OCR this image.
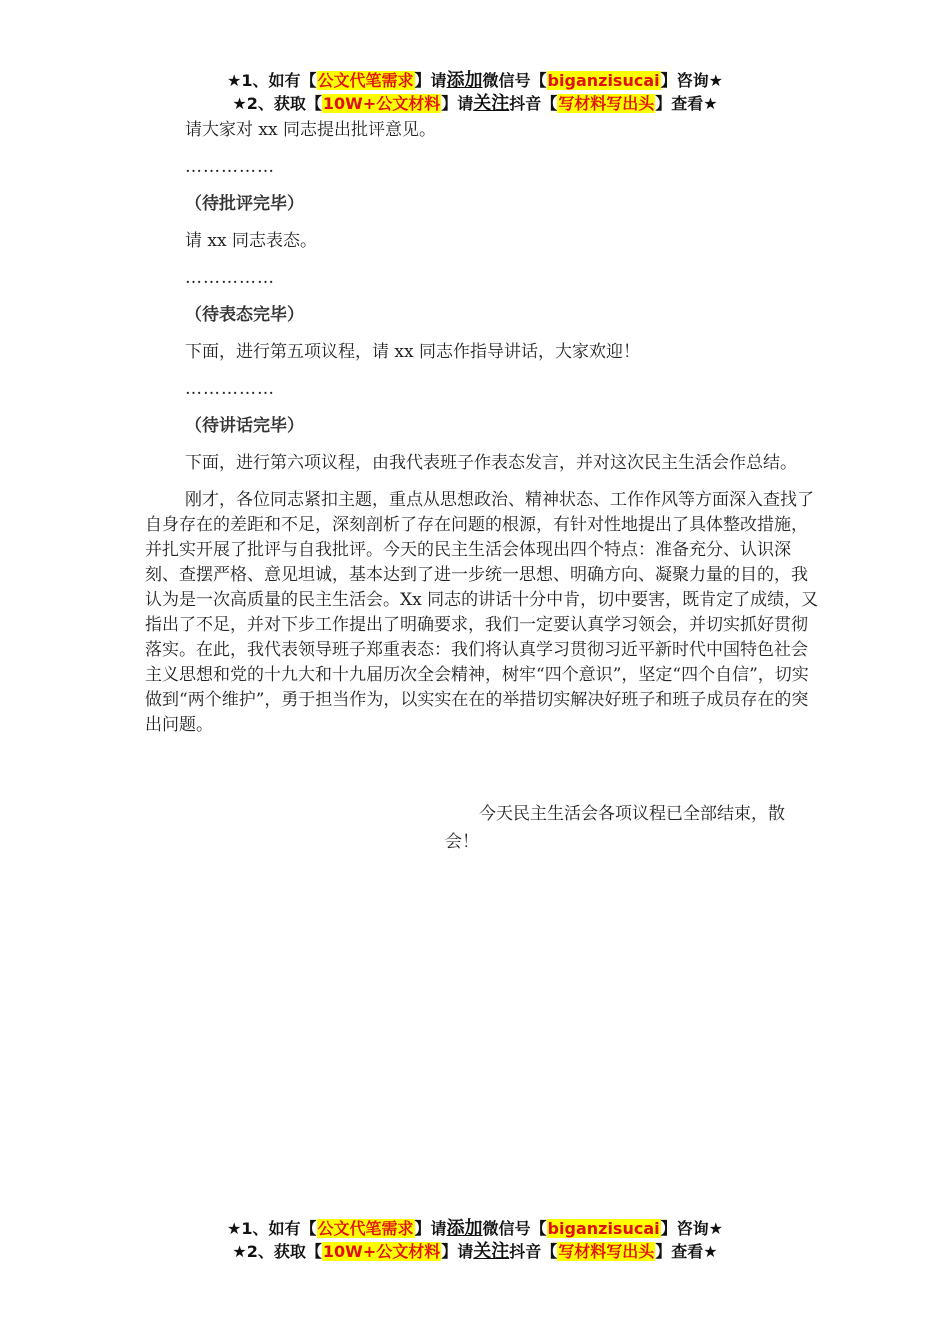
★1、如有【公文代笔需求】请添加微信号【biganzisucai】咨询★
★2、获取【10W+公文材料】请关注抖音【写材料写出头】查看★

请大家对 xx 同志提出批评意见。

……………

（待批评完毕）

请 xx 同志表态。

……………

（待表态完毕）

下面，进行第五项议程，请 xx 同志作指导讲话，大家欢迎！

……………

（待讲话完毕）

下面，进行第六项议程，由我代表班子作表态发言，并对这次民主生活会作总结。

刚才，各位同志紧扣主题，重点从思想政治、精神状态、工作作风等方面深入查找了自身存在的差距和不足，深刻剖析了存在问题的根源，有针对性地提出了具体整改措施，并扎实开展了批评与自我批评。今天的民主生活会体现出四个特点：准备充分、认识深刻、查摆严格、意见坦诚，基本达到了进一步统一思想、明确方向、凝聚力量的目的，我认为是一次高质量的民主生活会。Xx 同志的讲话十分中肯，切中要害，既肯定了成绩，又指出了不足，并对下步工作提出了明确要求，我们一定要认真学习领会，并切实抓好贯彻落实。在此，我代表领导班子郑重表态：我们将认真学习贯彻习近平新时代中国特色社会主义思想和党的十九大和十九届历次全会精神，树牢“四个意识”，坚定“四个自信”，切实做到“两个维护”，勇于担当作为，以实实在在的举措切实解决好班子和班子成员存在的突出问题。

今天民主生活会各项议程已全部结束，散会！
★1、如有【公文代笔需求】请添加微信号【biganzisucai】咨询★
★2、获取【10W+公文材料】请关注抖音【写材料写出头】查看★
